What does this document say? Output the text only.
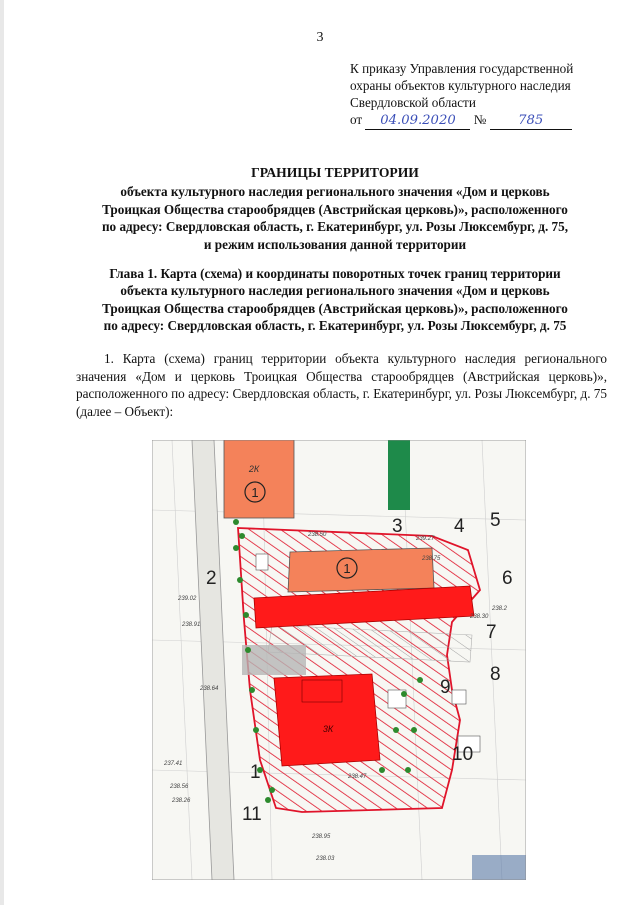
3
К приказу Управления государственной
охраны объектов культурного наследия
Свердловской области
от 04.09.2020 № 785
ГРАНИЦЫ ТЕРРИТОРИИ
объекта культурного наследия регионального значения «Дом и церковь
Троицкая Общества старообрядцев (Австрийская церковь)», расположенного
по адресу: Свердловская область, г. Екатеринбург, ул. Розы Люксембург, д. 75,
и режим использования данной территории
Глава 1. Карта (схема) и координаты поворотных точек границ территории
объекта культурного наследия регионального значения «Дом и церковь
Троицкая Общества старообрядцев (Австрийская церковь)», расположенного
по адресу: Свердловская область, г. Екатеринбург, ул. Розы Люксембург, д. 75
1. Карта (схема) границ территории объекта культурного наследия регионального значения «Дом и церковь Троицкая Общества старообрядцев (Австрийская церковь)», расположенного по адресу: Свердловская область, г. Екатеринбург, ул. Розы Люксембург, д. 75 (далее – Объект):
1
2К
1
3К
1
2
3	4 5
6
7
8
9
10
11
239.02
238.91
238.64
238.50
238.75
237.41
238.56
238.26
238.47
239.27
238.30
238.2
238.95
238.03
